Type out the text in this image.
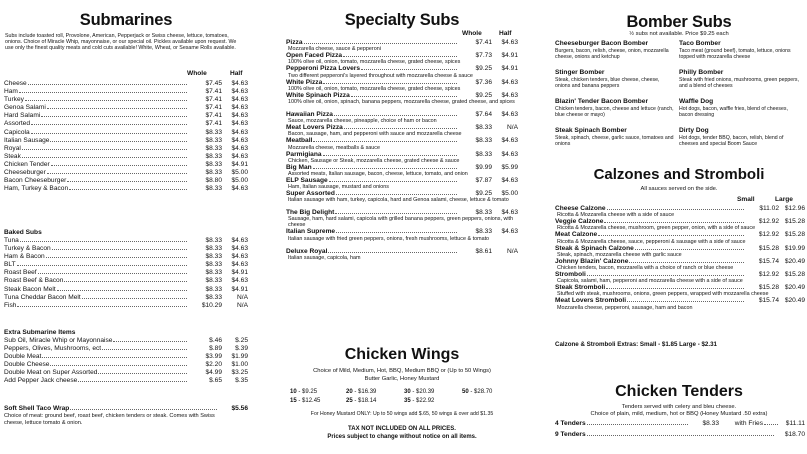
Submarines
Subs include toasted roll, Provolone, American, Pepperjack or Swiss cheese, lettuce, tomatoes, onions. Choice of Miracle Whip, mayonnaise, or our special oil. Pickles available upon request. We use only the finest quality meats and cold cuts available! White, Wheat, or Sesame Rolls available.
Whole	Half
Cheese	$7.45	$4.63
Ham	$7.41	$4.63
Turkey	$7.41	$4.63
Genoa Salami	$7.41	$4.63
Hard Salami	$7.41	$4.63
Assorted	$7.41	$4.63
Capicola	$8.33	$4.63
Italian Sausage	$8.33	$4.63
Royal	$8.33	$4.63
Steak	$8.33	$4.63
Chicken Tender	$8.33	$4.91
Cheeseburger	$8.33	$5.00
Bacon Cheeseburger	$8.80	$5.00
Ham, Turkey & Bacon	$8.33	$4.63
Baked Subs
Tuna	$8.33	$4.63
Turkey & Bacon	$8.33	$4.63
Ham & Bacon	$8.33	$4.63
BLT	$8.33	$4.63
Roast Beef	$8.33	$4.91
Roast Beef & Bacon	$8.33	$4.63
Steak Bacon Melt	$8.33	$4.91
Tuna Cheddar Bacon Melt	$8.33	N/A
Fish	$10.29	N/A
Extra Submarine Items
Sub Oil, Miracle Whip or Mayonnaise	$.46	$.25
Peppers, Olives, Mushrooms, ect	$.89	$.39
Double Meat	$3.99	$1.99
Double Cheese	$2.20	$1.00
Double Meat on Super Assorted	$4.99	$3.25
Add Pepper Jack cheese	$.65	$.35
Soft Shell Taco Wrap	$5.56
Choice of meat: ground beef, roast beef, chicken tenders or steak. Comes with Swiss cheese, lettuce tomato & onion.
Specialty Subs
Whole	Half
Pizza	$7.41	$4.63
Mozzarella cheese, sauce & pepperoni
Open Faced Pizza	$7.73	$4.91
100% olive oil, onion, tomato, mozzarella cheese, grated cheese, spices
Pepperoni Pizza Lovers	$9.25	$4.91
Two different pepperoni's layered throughout with mozzarella cheese & sauce
White Pizza	$7.36	$4.63
100% olive oil, onion, tomato, mozzarella cheese, grated cheese, spices
White Spinach Pizza	$9.25	$4.63
100% olive oil, onion, spinach, banana peppers, mozzarella cheese, grated cheese, and spices
Hawaiian Pizza	$7.64	$4.63
Sauce, mozzarella cheese, pineapple, choice of ham or bacon
Meat Lovers Pizza	$8.33	N/A
Bacon, sausage, ham, and pepperoni with sauce and mozzarella cheese
Meatball	$8.33	$4.63
Mozzarella cheese, meatballs & sauce
Parmigiana	$8.33	$4.63
Chicken, Sausage or Steak, mozzarella cheese, grated cheese & sauce
Big Man	$9.99	$5.99
Assorted meats, Italian sausage, bacon, cheese, lettuce, tomato, and onion
ELP Sausage	$7.87	$4.63
Ham, Italian sausage, mustard and onions
Super Assorted	$9.25	$5.00
Italian sausage with ham, turkey, capicola, hard and Genoa salami, cheese, lettuce & tomato
The Big Delight	$8.33	$4.63
Sausage, ham, hard salami, capicola with grilled banana peppers, green peppers, onions, with cheese
Italian Supreme	$8.33	$4.63
Italian sausage with fried green peppers, onions, fresh mushrooms, lettuce & tomato
Deluxe Royal	$8.61	N/A
Italian sausage, capicola, ham
Chicken Wings
Choice of Mild, Medium, Hot, BBQ, Medium BBQ or (Up to 50 Wings)
Butter Garlic, Honey Mustard
10 - $9.25	20 - $16.39	30 - $20.39	50 - $28.70
15 - $12.45	25 - $18.14	35 - $22.92
For Honey Mustard ONLY: Up to 50 wings add $.65, 50 wings & over add $1.35
TAX NOT INCLUDED ON ALL PRICES.
Prices subject to change without notice on all items.
Bomber Subs
½ subs not available. Price $9.25 each
Cheeseburger Bacon Bomber
Burgers, bacon, relish, cheese, onion, mozzarella cheese, onions and ketchup
Stinger Bomber
Steak, chicken tenders, blue cheese, cheese, onions and banana peppers
Blazin' Tender Bacon Bomber
Chicken tenders, bacon, cheese and lettuce (ranch, blue cheese or mayo)
Steak Spinach Bomber
Steak, spinach, cheese, garlic sauce, tomatoes and onions
Taco Bomber
Taco meat (ground beef), tomato, lettuce, onions topped with mozzarella cheese
Philly Bomber
Steak with fried onions, mushrooms, green peppers, and a blend of cheeses
Waffle Dog
Hot dogs, bacon, waffle fries, blend of cheeses, bacon dressing
Dirty Dog
Hot dogs, tender BBQ, bacon, relish, blend of cheeses and special Boom Sauce
Calzones and Stromboli
All sauces served on the side.
Small	Large
Cheese Calzone	$11.02 $12.96
Ricotta & Mozzarella cheese with a side of sauce
Veggie Calzone	$12.92 $15.28
Ricotta & Mozzarella cheese, mushroom, green pepper, onion, with a side of sauce
Meat Calzone	$12.92 $15.28
Ricotta & Mozzarella cheese, sauce, pepperoni & sausage with a side of sauce
Steak & Spinach Calzone	$15.28 $19.99
Steak, spinach, mozzarella cheese with garlic sauce
Johnny Blazin' Calzone	$15.74 $20.49
Chicken tenders, bacon, mozzarella with a choice of ranch or blue cheese
Stromboli	$12.92 $15.28
Capicola, salami, ham, pepperoni and mozzarella cheese with a side of sauce
Steak Stromboli	$15.28 $20.49
Stuffed with steak, mushrooms, onions, green peppers, wrapped with mozzarella cheese
Meat Lovers Stromboli	$15.74 $20.49
Mozzarella cheese, pepperoni, sausage, ham and bacon
Calzone & Stromboli Extras: Small - $1.85 Large - $2.31
Chicken Tenders
Tenders served with celery and bleu cheese.
Choice of plain, mild, medium, hot or BBQ (Honey Mustard .50 extra)
4 Tenders	$8.33	with Fries	$11.11
9 Tenders	$18.70
